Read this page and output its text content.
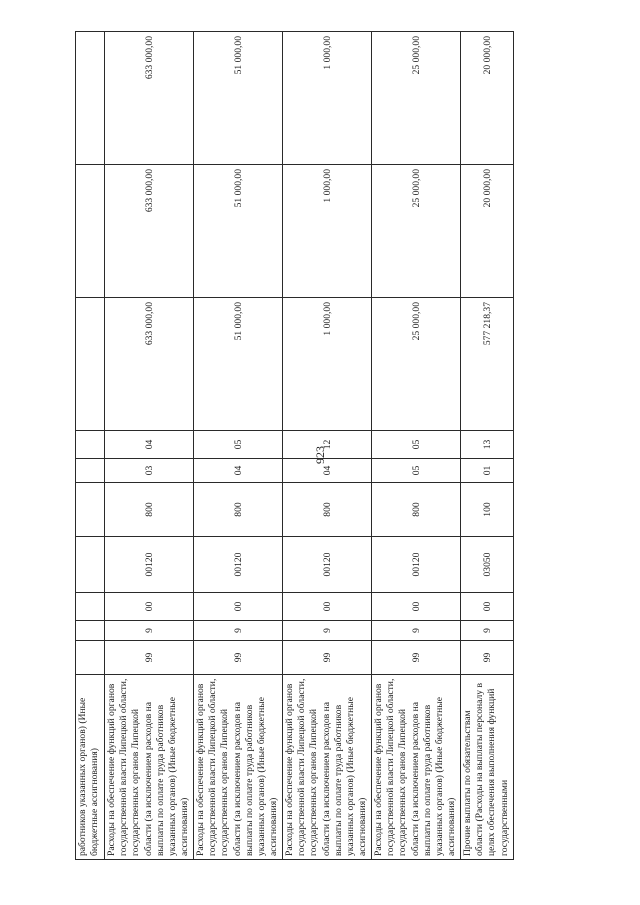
923
работников указанных органов) (Иные бюджетные ассигнования)										
Расходы на обеспечение функций органов государственной власти Липецкой области, государственных органов Липецкой области (за исключением расходов на выплаты по оплате труда работников указанных органов) (Иные бюджетные ассигнования)	99	9	00	00120	800	03	04	633 000,00	633 000,00	633 000,00
Расходы на обеспечение функций органов государственной власти Липецкой области, государственных органов Липецкой области (за исключением расходов на выплаты по оплате труда работников указанных органов) (Иные бюджетные ассигнования)	99	9	00	00120	800	04	05	51 000,00	51 000,00	51 000,00
Расходы на обеспечение функций органов государственной власти Липецкой области, государственных органов Липецкой области (за исключением расходов на выплаты по оплате труда работников указанных органов) (Иные бюджетные ассигнования)	99	9	00	00120	800	04	12	1 000,00	1 000,00	1 000,00
Расходы на обеспечение функций органов государственной власти Липецкой области, государственных органов Липецкой области (за исключением расходов на выплаты по оплате труда работников указанных органов) (Иные бюджетные ассигнования)	99	9	00	00120	800	05	05	25 000,00	25 000,00	25 000,00
Прочие выплаты по обязательствам области (Расходы на выплаты персоналу в целях обеспечения выполнения функций государственными	99	9	00	03050	100	01	13	577 218,37	20 000,00	20 000,00
